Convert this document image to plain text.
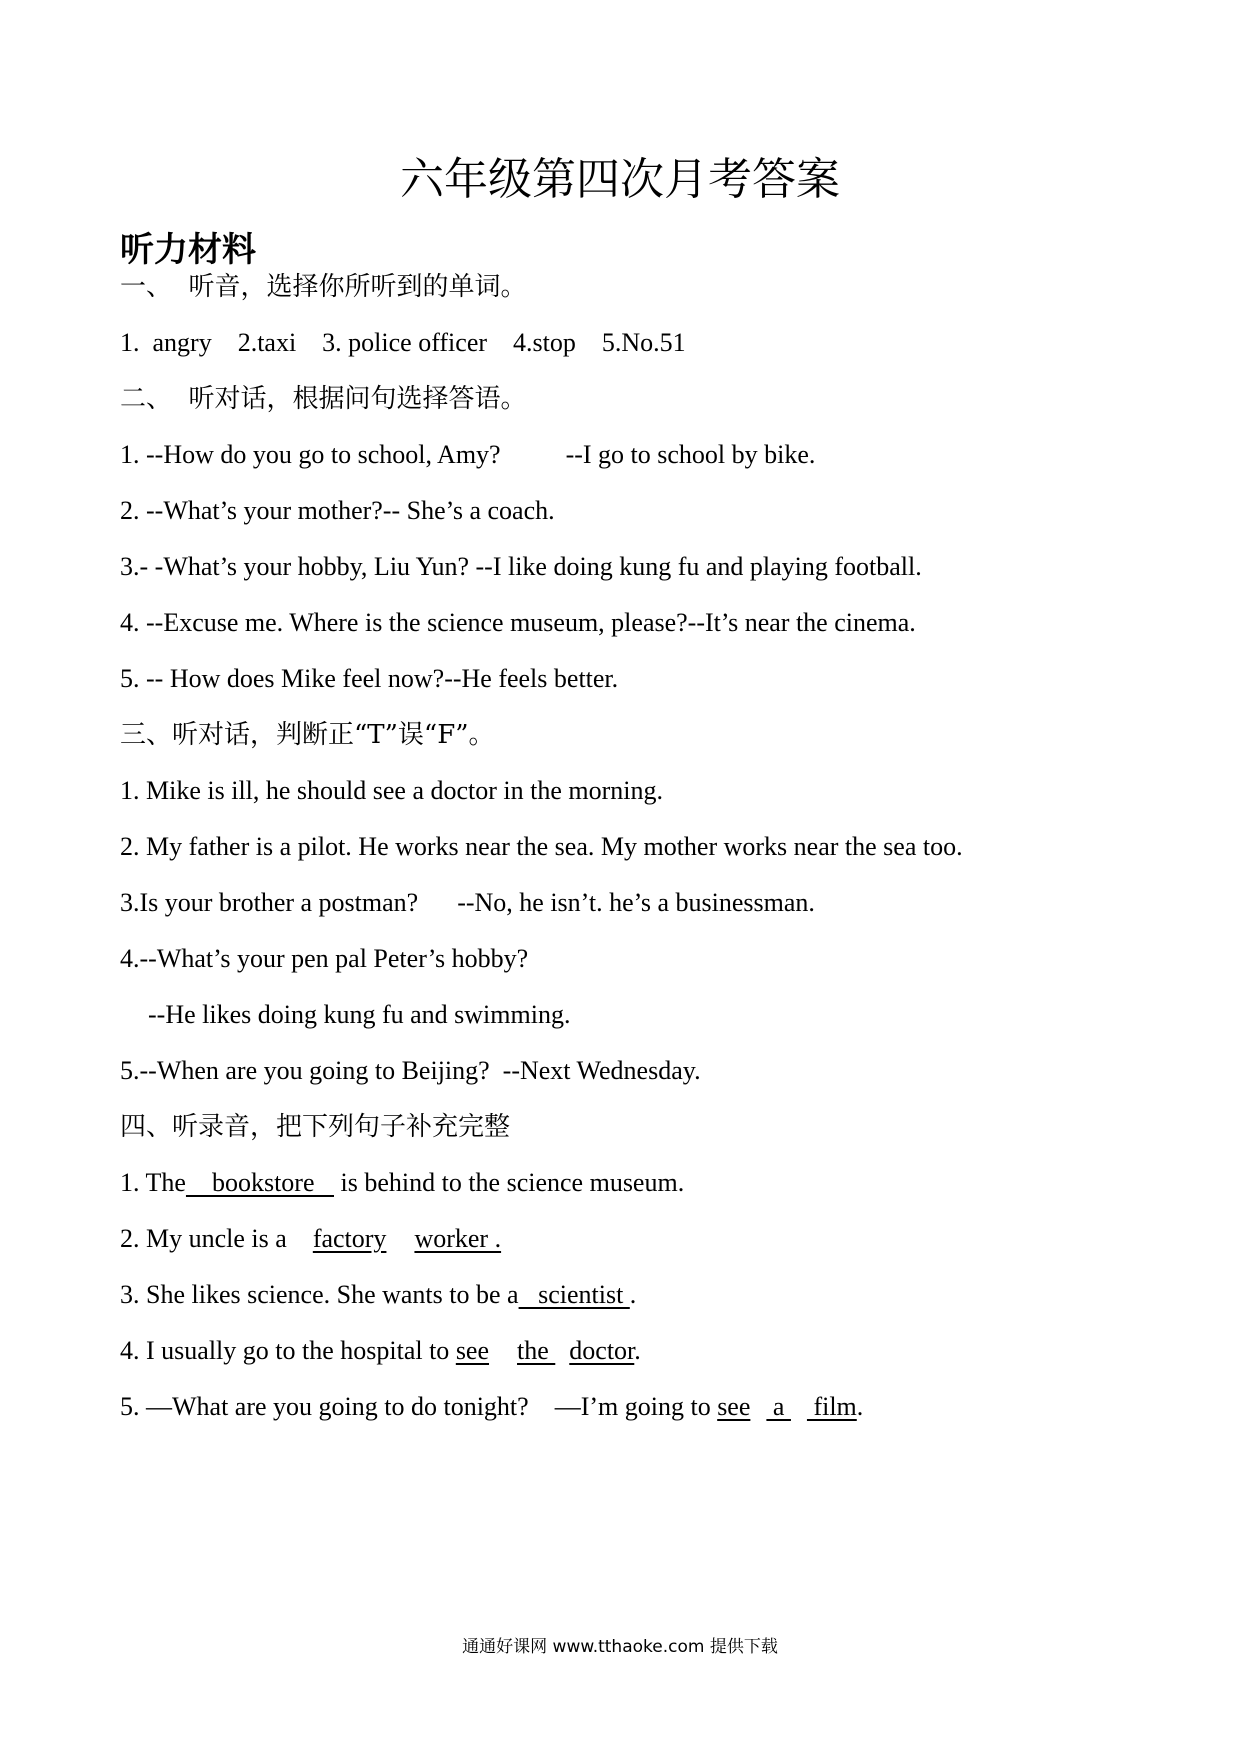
六年级第四次月考答案
听力材料
一、  听音，选择你所听到的单词。
1.  angry    2.taxi    3. police officer    4.stop    5.No.51
二、  听对话，根据问句选择答语。
1. --How do you go to school, Amy?          --I go to school by bike.
2. --What’s your mother?-- She’s a coach.
3.- -What’s your hobby, Liu Yun? --I like doing kung fu and playing football.
4. --Excuse me. Where is the science museum, please?--It’s near the cinema.
5. -- How does Mike feel now?--He feels better.
三、听对话，判断正“T”误“F”。
1. Mike is ill, he should see a doctor in the morning.
2. My father is a pilot. He works near the sea. My mother works near the sea too.
3.Is your brother a postman?      --No, he isn’t. he’s a businessman.
4.--What’s your pen pal Peter’s hobby?
--He likes doing kung fu and swimming.
5.--When are you going to Beijing?  --Next Wednesday.
四、听录音，把下列句子补充完整
1. The    bookstore    is behind to the science museum.
2. My uncle is a    factory worker .
3. She likes science. She wants to be a   scientist .
4. I usually go to the hospital to see the doctor.
5. —What are you going to do tonight?    —I’m going to see a  film.
通通好课网 www.tthaoke.com 提供下载
